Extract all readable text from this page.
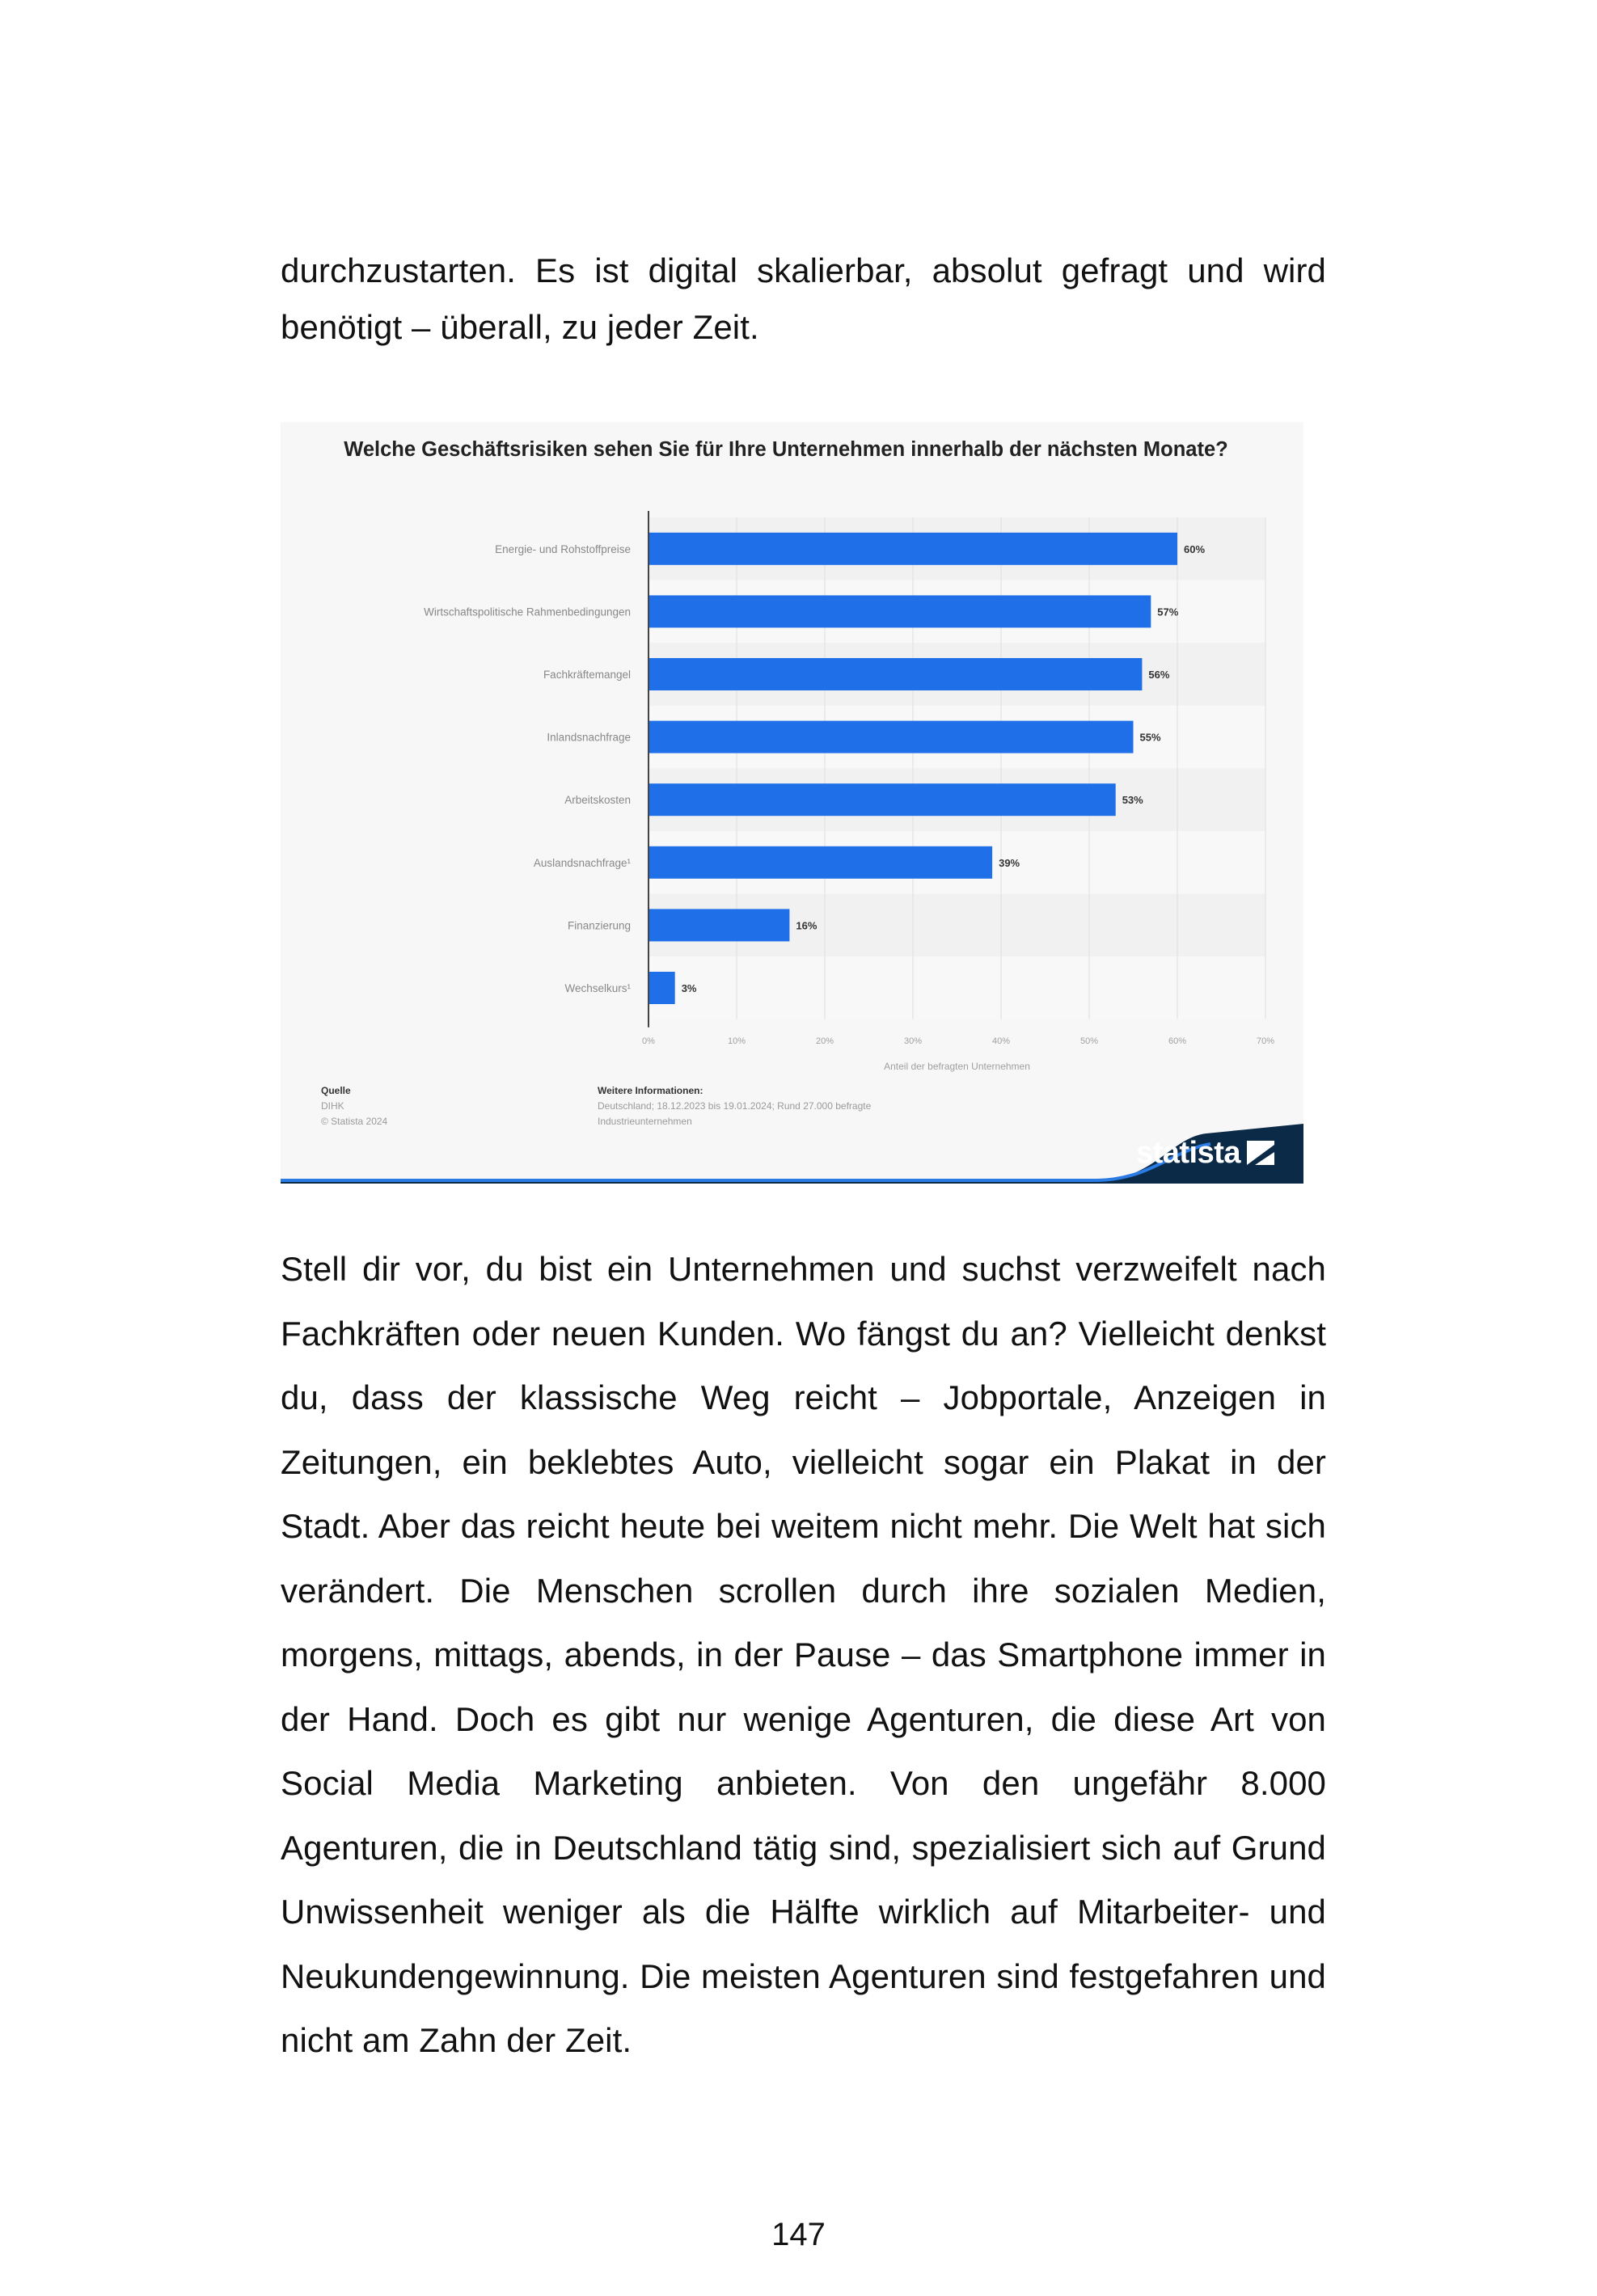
durchzustarten. Es ist digital skalierbar, absolut gefragt und wird benötigt – überall, zu jeder Zeit.
0%	10%	20%	30%	40%	50%	60%	70%
Anteil der befragten Unternehmen
Energie- und Rohstoffpreise	60%
Wirtschaftspolitische Rahmenbedingungen	57%
Fachkräftemangel	56%
Inlandsnachfrage	55%
Arbeitskosten	53%
Auslandsnachfrage¹	39%
Finanzierung	16%
Wechselkurs¹	3%
Welche Geschäftsrisiken sehen Sie für Ihre Unternehmen innerhalb der nächsten Monate?
Quelle
DIHK
© Statista 2024
Weitere Informationen:
Deutschland; 18.12.2023 bis 19.01.2024; Rund 27.000 befragte
Industrieunternehmen
statista
Stell dir vor, du bist ein Unternehmen und suchst verzweifelt nach Fachkräften oder neuen Kunden. Wo fängst du an? Vielleicht denkst du, dass der klassische Weg reicht – Jobportale, Anzeigen in Zeitungen, ein beklebtes Auto, vielleicht sogar ein Plakat in der Stadt. Aber das reicht heute bei weitem nicht mehr. Die Welt hat sich verändert. Die Menschen scrollen durch ihre sozialen Medien, morgens, mittags, abends, in der Pause – das Smartphone immer in der Hand. Doch es gibt nur wenige Agenturen, die diese Art von Social Media Marketing anbieten. Von den ungefähr 8.000 Agenturen, die in Deutschland tätig sind, spezialisiert sich auf Grund Unwissenheit weniger als die Hälfte wirklich auf Mitarbeiter- und Neukundengewinnung. Die meisten Agenturen sind festgefahren und nicht am Zahn der Zeit.
147
